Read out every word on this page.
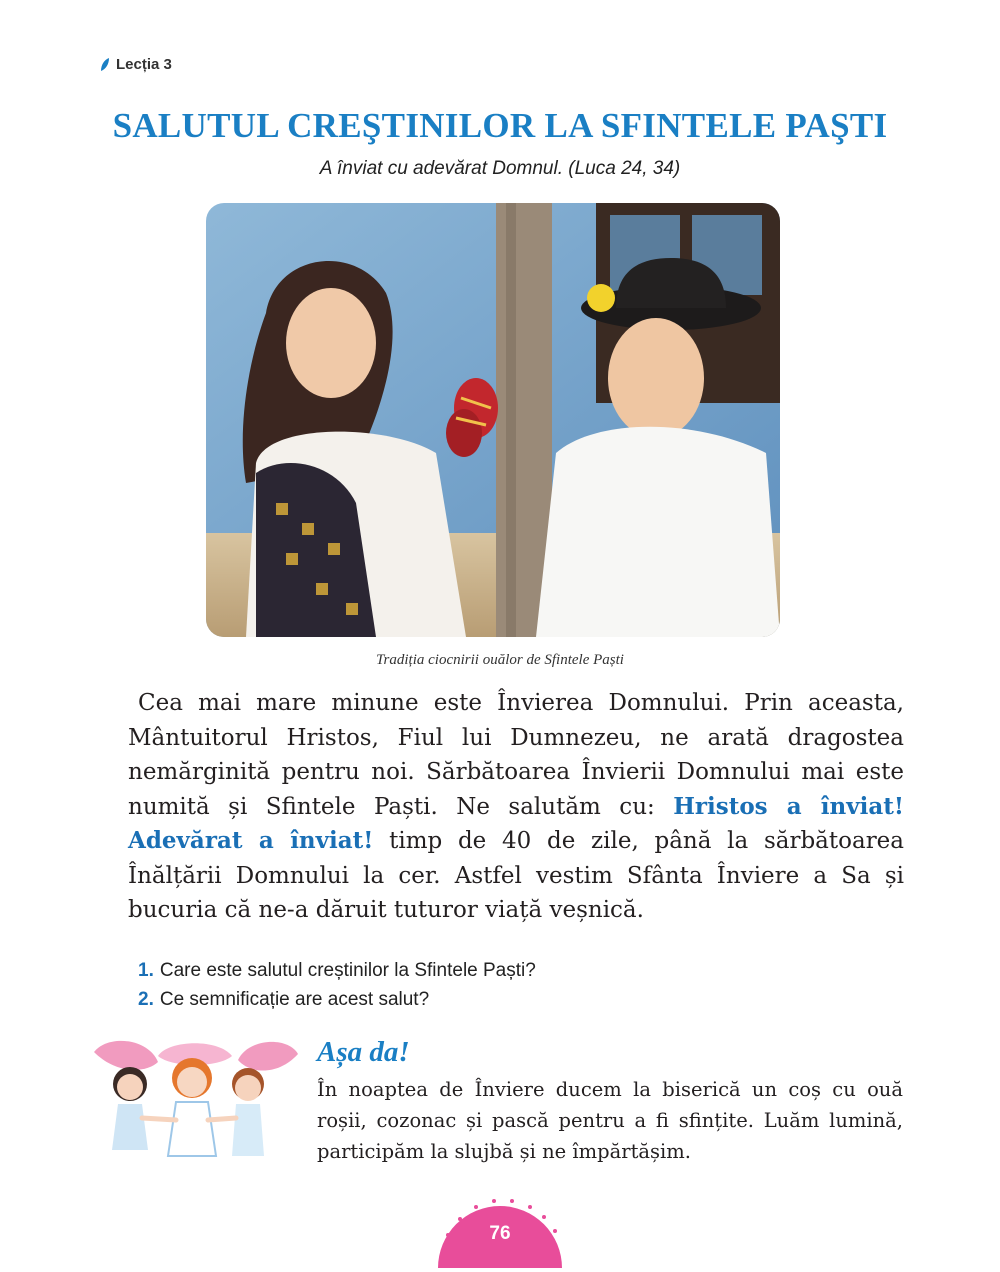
Lecția 3
SALUTUL CREŞTINILOR LA SFINTELE PAŞTI
A înviat cu adevărat Domnul. (Luca 24, 34)
Tradiția ciocnirii ouălor de Sfintele Paști

Cea mai mare minune este Învierea Domnului. Prin aceasta, Mântuitorul Hristos, Fiul lui Dumnezeu, ne arată dragostea nemărginită pentru noi. Sărbătoarea Învierii Domnului mai este numită și Sfintele Paști. Ne salutăm cu: Hristos a înviat! Adevărat a înviat! timp de 40 de zile, până la sărbătoarea Înălțării Domnului la cer. Astfel vestim Sfânta Înviere a Sa și bucuria că ne-a dăruit tuturor viață veșnică.

1. Care este salutul creștinilor la Sfintele Paști?
2. Ce semnificație are acest salut?
Așa da!

În noaptea de Înviere ducem la biserică un coș cu ouă roșii, cozonac și pască pentru a fi sfințite. Luăm lumină, participăm la slujbă și ne împărtășim.

76
